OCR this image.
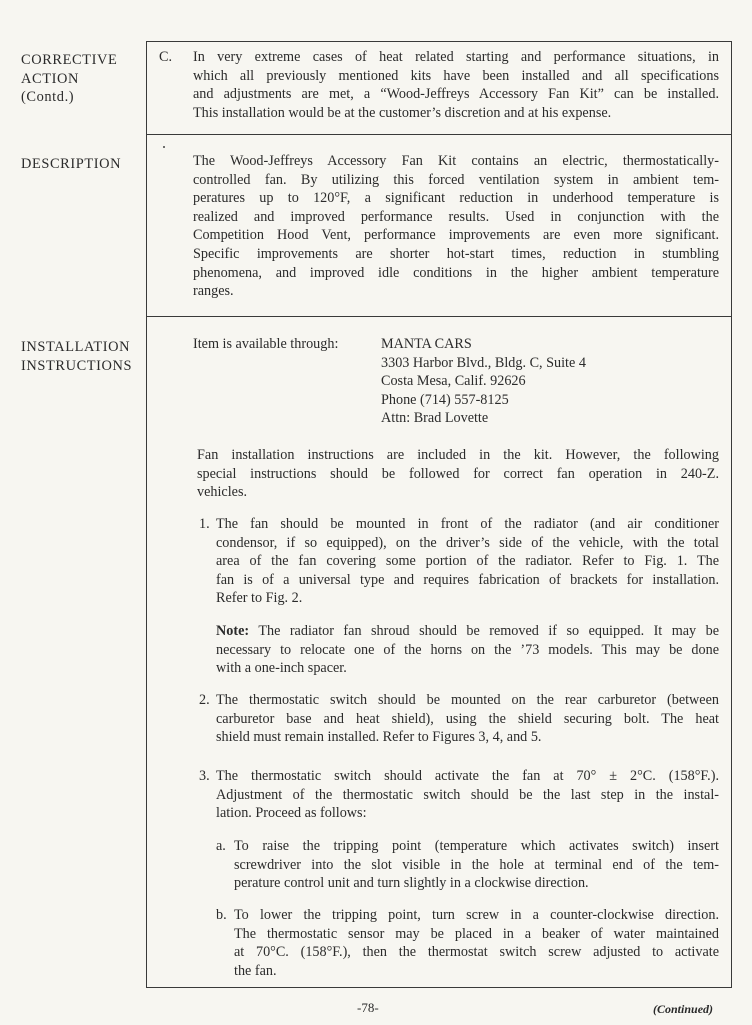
CORRECTIVE
ACTION
(Contd.)
DESCRIPTION
INSTALLATION
INSTRUCTIONS
C. In very extreme cases of heat related starting and performance situations, in
which all previously mentioned kits have been installed and all specifications
and adjustments are met, a “Wood-Jeffreys Accessory Fan Kit” can be installed.
This installation would be at the customer’s discretion and at his expense.
The Wood-Jeffreys Accessory Fan Kit contains an electric, thermostatically-
controlled fan. By utilizing this forced ventilation system in ambient tem-
peratures up to 120°F, a significant reduction in underhood temperature is
realized and improved performance results. Used in conjunction with the
Competition Hood Vent, performance improvements are even more significant.
Specific improvements are shorter hot-start times, reduction in stumbling
phenomena, and improved idle conditions in the higher ambient temperature
ranges.
Item is available through:	MANTA CARS
3303 Harbor Blvd., Bldg. C, Suite 4
Costa Mesa, Calif. 92626
Phone (714) 557-8125
Attn: Brad Lovette
Fan installation instructions are included in the kit. However, the following
special instructions should be followed for correct fan operation in 240-Z.
vehicles.
1. The fan should be mounted in front of the radiator (and air conditioner
condensor, if so equipped), on the driver’s side of the vehicle, with the total
area of the fan covering some portion of the radiator. Refer to Fig. 1. The
fan is of a universal type and requires fabrication of brackets for installation.
Refer to Fig. 2.
Note: The radiator fan shroud should be removed if so equipped. It may be
necessary to relocate one of the horns on the ’73 models. This may be done
with a one-inch spacer.
2. The thermostatic switch should be mounted on the rear carburetor (between
carburetor base and heat shield), using the shield securing bolt. The heat
shield must remain installed. Refer to Figures 3, 4, and 5.
3. The thermostatic switch should activate the fan at 70° ± 2°C. (158°F.).
Adjustment of the thermostatic switch should be the last step in the instal-
lation. Proceed as follows:
a. To raise the tripping point (temperature which activates switch) insert
screwdriver into the slot visible in the hole at terminal end of the tem-
perature control unit and turn slightly in a clockwise direction.
b. To lower the tripping point, turn screw in a counter-clockwise direction.
The thermostatic sensor may be placed in a beaker of water maintained
at 70°C. (158°F.), then the thermostat switch screw adjusted to activate
the fan.
-78-	(Continued)
